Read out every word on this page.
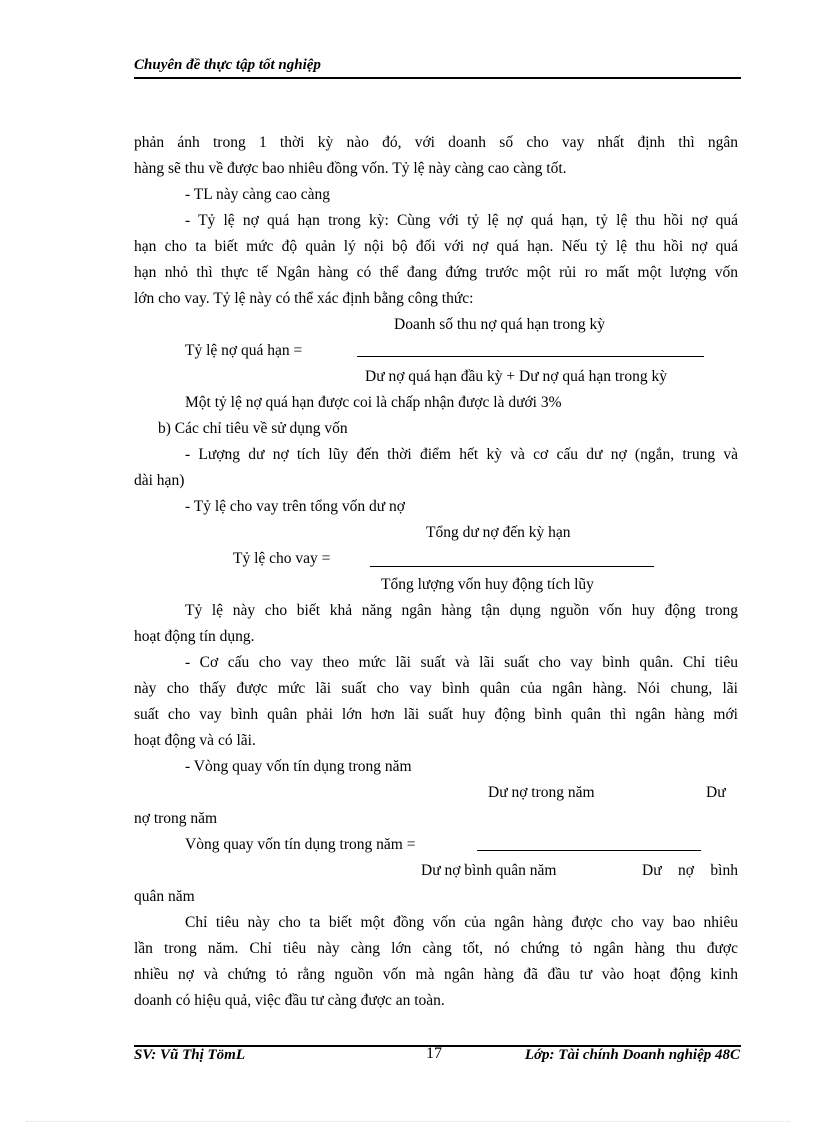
Chuyên đề thực tập tốt nghiệp
phản ánh trong 1 thời kỳ nào đó, với doanh số cho vay nhất định thì ngân
hàng sẽ thu về được bao nhiêu đồng vốn. Tỷ lệ này càng cao càng tốt.
- TL này càng cao càng
- Tỷ lệ nợ quá hạn trong kỳ: Cùng với tỷ lệ nợ quá hạn, tỷ lệ thu hồi nợ quá
hạn cho ta biết mức độ quản lý nội bộ đối với nợ quá hạn. Nếu tỷ lệ thu hồi nợ quá
hạn nhỏ thì thực tế Ngân hàng có thể đang đứng trước một rủi ro mất một lượng vốn
lớn cho vay. Tỷ lệ này có thể xác định bằng công thức:
Doanh số thu nợ quá hạn trong kỳ
Tỷ lệ nợ quá hạn =
Dư nợ quá hạn đầu kỳ + Dư nợ quá hạn trong kỳ
Một tỷ lệ nợ quá hạn được coi là chấp nhận được là dưới 3%
b) Các chỉ tiêu về sử dụng vốn
- Lượng dư nợ tích lũy đến thời điểm hết kỳ và cơ cấu dư nợ (ngắn, trung và
dài hạn)
- Tỷ lệ cho vay trên tổng vốn dư nợ
Tổng dư nợ đến kỳ hạn
Tỷ lệ cho vay =
Tổng lượng vốn huy động tích lũy
Tỷ lệ này cho biết khả năng ngân hàng tận dụng nguồn vốn huy động trong
hoạt động tín dụng.
- Cơ cấu cho vay theo mức lãi suất và lãi suất cho vay bình quân. Chỉ tiêu
này cho thấy được mức lãi suất cho vay bình quân của ngân hàng. Nói chung, lãi
suất cho vay bình quân phải lớn hơn lãi suất huy động bình quân thì ngân hàng mới
hoạt động và có lãi.
- Vòng quay vốn tín dụng trong năm
Dư nợ trong năm	Dư
nợ trong năm
Vòng quay vốn tín dụng trong năm =
Dư nợ bình quân năm	Dư nợ bình
quân năm
Chỉ tiêu này cho ta biết một đồng vốn của ngân hàng được cho vay bao nhiêu
lần trong năm. Chỉ tiêu này càng lớn càng tốt, nó chứng tỏ ngân hàng thu được
nhiều nợ và chứng tỏ rằng nguồn vốn mà ngân hàng đã đầu tư vào hoạt động kinh
doanh có hiệu quả, việc đầu tư càng được an toàn.
SV: Vũ Thị TömL	17	Lớp: Tài chính Doanh nghiệp 48C
